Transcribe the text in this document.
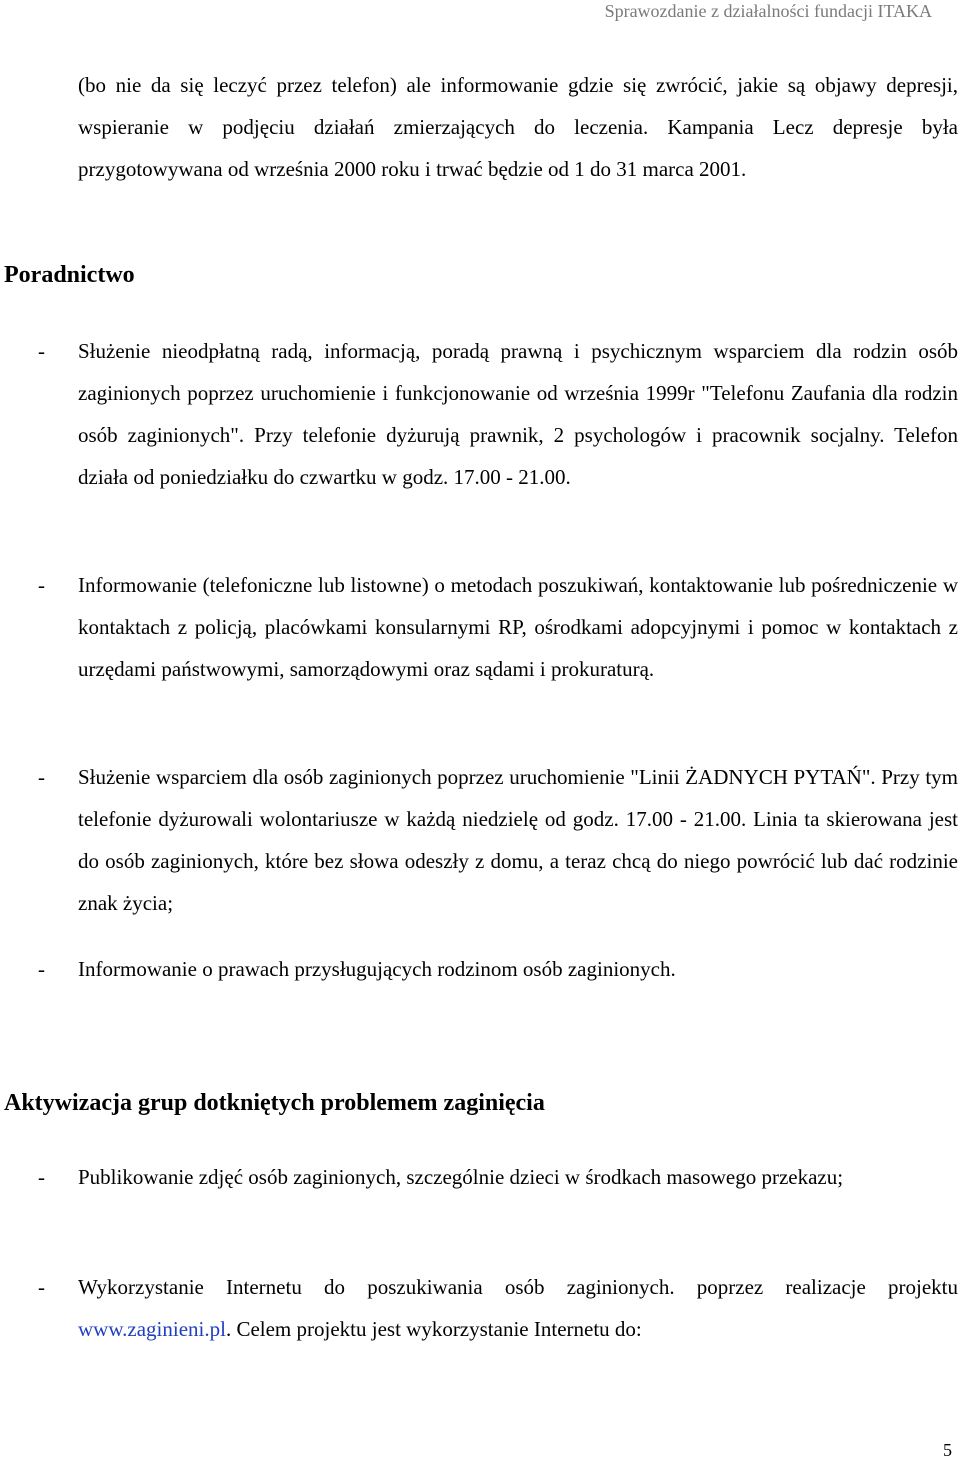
Sprawozdanie z działalności fundacji ITAKA
(bo nie da się leczyć przez telefon) ale informowanie gdzie się zwrócić, jakie są objawy depresji, wspieranie w podjęciu działań zmierzających do leczenia. Kampania Lecz depresje była przygotowywana od września 2000 roku i trwać będzie od 1 do 31 marca 2001.
Poradnictwo
- Służenie nieodpłatną radą, informacją, poradą prawną i psychicznym wsparciem dla rodzin osób zaginionych poprzez uruchomienie i funkcjonowanie od września 1999r "Telefonu Zaufania dla rodzin osób zaginionych". Przy telefonie dyżurują prawnik, 2 psychologów i pracownik socjalny. Telefon działa od poniedziałku do czwartku w godz. 17.00 - 21.00.
- Informowanie (telefoniczne lub listowne) o metodach poszukiwań, kontaktowanie lub pośredniczenie w kontaktach z policją, placówkami konsularnymi RP, ośrodkami adopcyjnymi i pomoc w kontaktach z urzędami państwowymi, samorządowymi oraz sądami i prokuraturą.
- Służenie wsparciem dla osób zaginionych poprzez uruchomienie "Linii ŻADNYCH PYTAŃ". Przy tym telefonie dyżurowali wolontariusze w każdą niedzielę od godz. 17.00 - 21.00. Linia ta skierowana jest do osób zaginionych, które bez słowa odeszły z domu, a teraz chcą do niego powrócić lub dać rodzinie znak życia;
- Informowanie o prawach przysługujących rodzinom osób zaginionych.
Aktywizacja grup dotkniętych problemem zaginięcia
- Publikowanie zdjęć osób zaginionych, szczególnie dzieci w środkach masowego przekazu;
- Wykorzystanie Internetu do poszukiwania osób zaginionych. poprzez realizacje projektu www.zaginieni.pl. Celem projektu jest wykorzystanie Internetu do:
5
